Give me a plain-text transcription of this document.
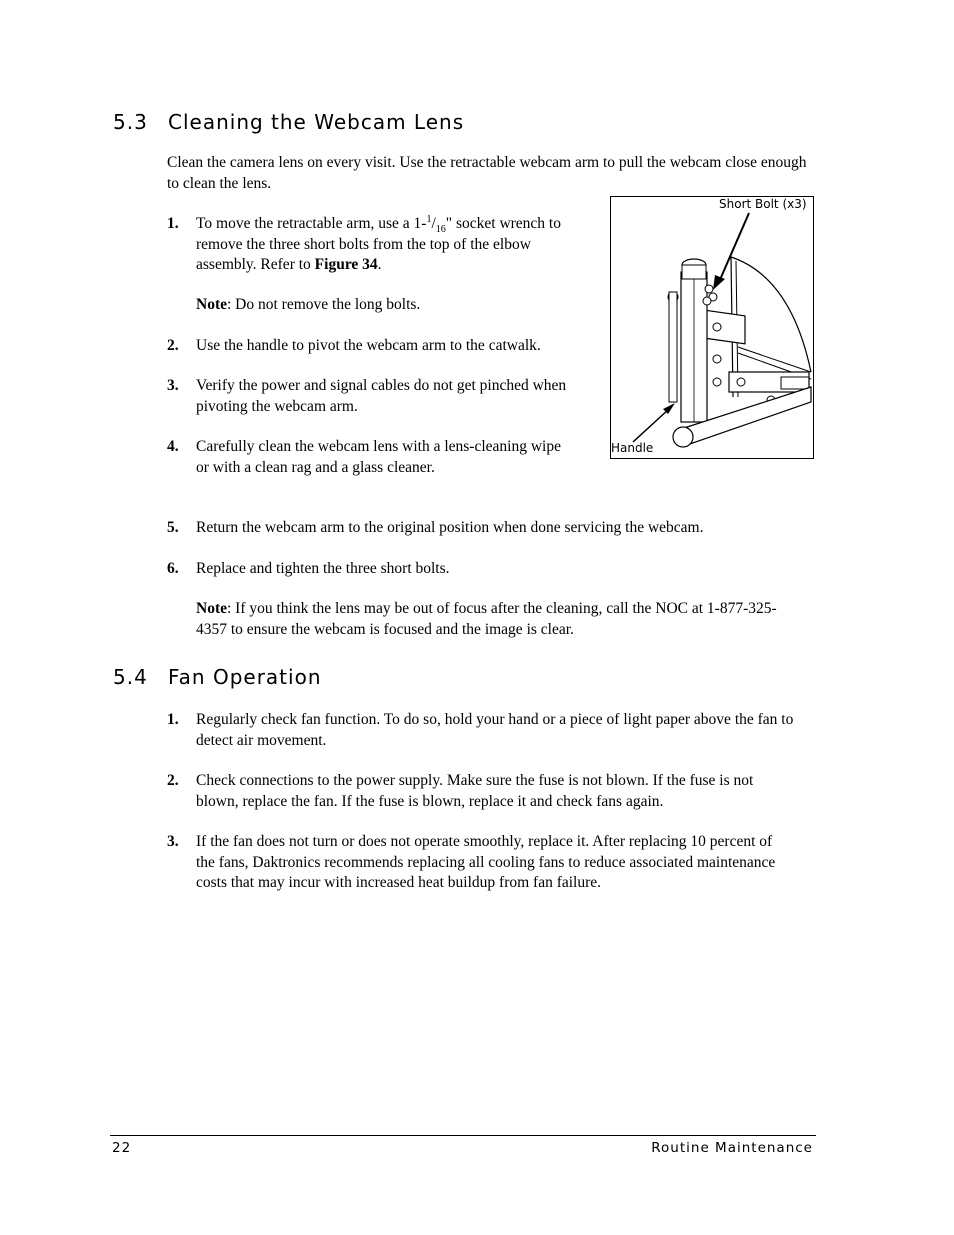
5.3 Cleaning the Webcam Lens

Clean the camera lens on every visit. Use the retractable webcam arm to pull the webcam close enough to clean the lens.

1. To move the retractable arm, use a $1-^1/_{16}$" socket wrench to remove the three short bolts from the top of the elbow assembly. Refer to Figure 34.
Note: Do not remove the long bolts.
2. Use the handle to pivot the webcam arm to the catwalk.
3. Verify the power and signal cables do not get pinched when pivoting the webcam arm.
4. Carefully clean the webcam lens with a lens-cleaning wipe or with a clean rag and a glass cleaner.
Short Bolt (x3)
Handle
5. Return the webcam arm to the original position when done servicing the webcam.
6. Replace and tighten the three short bolts.
Note: If you think the lens may be out of focus after the cleaning, call the NOC at 1-877-325-4357 to ensure the webcam is focused and the image is clear.
5.4 Fan Operation
1. Regularly check fan function. To do so, hold your hand or a piece of light paper above the fan to detect air movement.
2. Check connections to the power supply. Make sure the fuse is not blown. If the fuse is not blown, replace the fan. If the fuse is blown, replace it and check fans again.
3. If the fan does not turn or does not operate smoothly, replace it. After replacing 10 percent of the fans, Daktronics recommends replacing all cooling fans to reduce associated maintenance costs that may incur with increased heat buildup from fan failure.
22	Routine Maintenance
